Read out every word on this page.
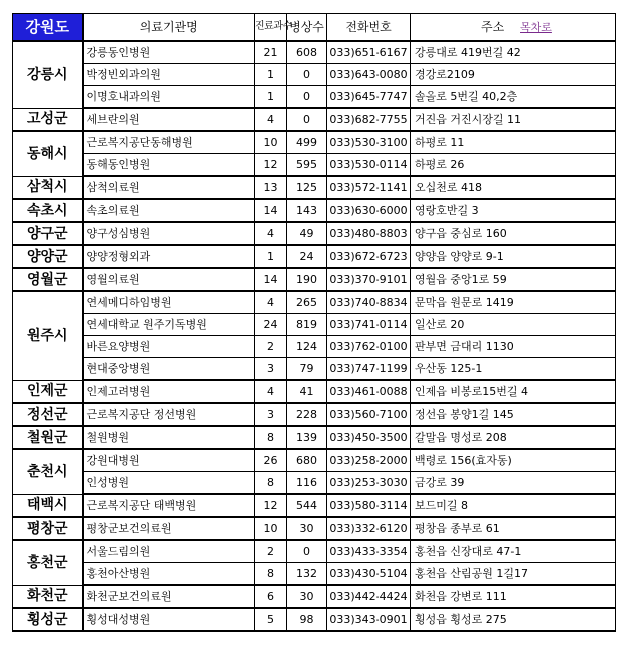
강원도	의료기관명	진료과수	병상수	전화번호	주소 목차로
강릉시	강릉동인병원	21	608	033)651-6167	강릉대로 419번길 42
	박정빈외과의원	1	0	033)643-0080	경강로2109
	이명호내과의원	1	0	033)645-7747	솔올로 5번길 40,2층
고성군	세브란의원	4	0	033)682-7755	거진읍 거진시장길 11
동해시	근로복지공단동해병원	10	499	033)530-3100	하평로 11
	동해동인병원	12	595	033)530-0114	하평로 26
삼척시	삼척의료원	13	125	033)572-1141	오십천로 418
속초시	속초의료원	14	143	033)630-6000	영랑호반길 3
양구군	양구성심병원	4	49	033)480-8803	양구읍 중심로 160
양양군	양양정형외과	1	24	033)672-6723	양양읍 양양로 9-1
영월군	영월의료원	14	190	033)370-9101	영월읍 중앙1로 59
원주시	연세메디하임병원	4	265	033)740-8834	문막읍 원문로 1419
	연세대학교 원주기독병원	24	819	033)741-0114	일산로 20
	바른요양병원	2	124	033)762-0100	판부면 금대리 1130
	현대중앙병원	3	79	033)747-1199	우산동 125-1
인제군	인제고려병원	4	41	033)461-0088	인제읍 비봉로15번길 4
정선군	근로복지공단 정선병원	3	228	033)560-7100	정선읍 봉양1길 145
철원군	철원병원	8	139	033)450-3500	갈말읍 명성로 208
춘천시	강원대병원	26	680	033)258-2000	백령로 156(효자동)
	인성병원	8	116	033)253-3030	금강로 39
태백시	근로복지공단 태백병원	12	544	033)580-3114	보드미길 8
평창군	평창군보건의료원	10	30	033)332-6120	평창읍 종부로 61
홍천군	서울드림의원	2	0	033)433-3354	홍천읍 신장대로 47-1
	홍천아산병원	8	132	033)430-5104	홍천읍 산림공원 1길17
화천군	화천군보건의료원	6	30	033)442-4424	화천읍 강변로 111
횡성군	횡성대성병원	5	98	033)343-0901	횡성읍 횡성로 275
